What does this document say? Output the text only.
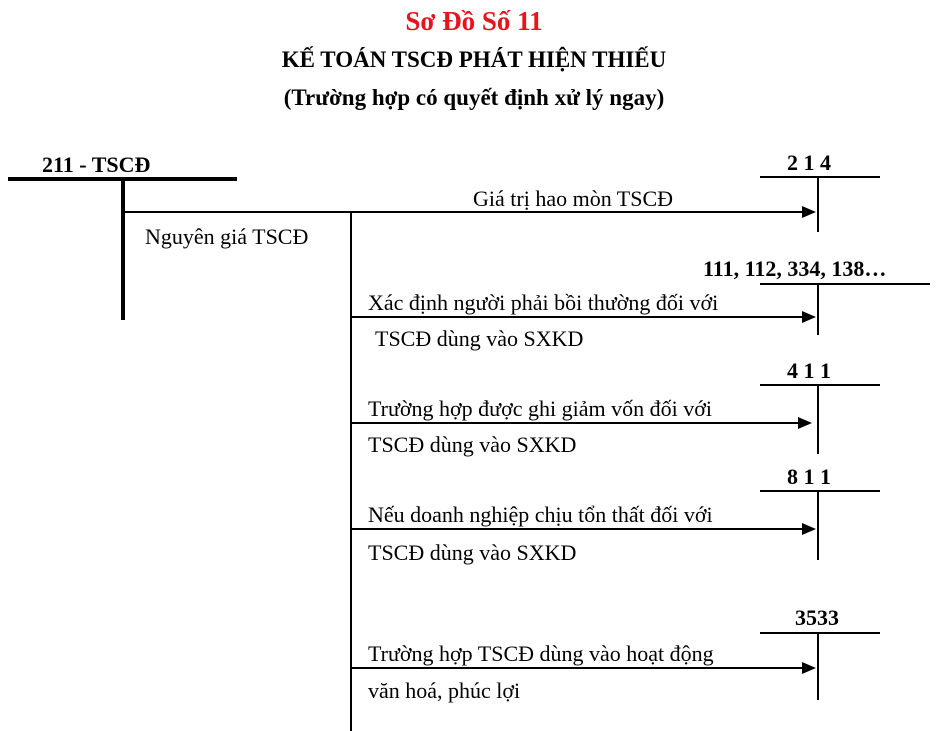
Sơ Đồ Số 11
KẾ TOÁN TSCĐ PHÁT HIỆN THIẾU
(Trường hợp có quyết định xử lý ngay)
211 - TSCĐ
Giá trị hao mòn TSCĐ
Nguyên giá TSCĐ
2 1 4
111, 112, 334, 138…
Xác định người phải bồi thường đối với
TSCĐ dùng vào SXKD
4 1 1
Trường hợp được ghi giảm vốn đối với
TSCĐ dùng vào SXKD
8 1 1
Nếu doanh nghiệp chịu tổn thất đối với
TSCĐ dùng vào SXKD
3533
Trường hợp TSCĐ dùng vào hoạt động
văn hoá, phúc lợi
